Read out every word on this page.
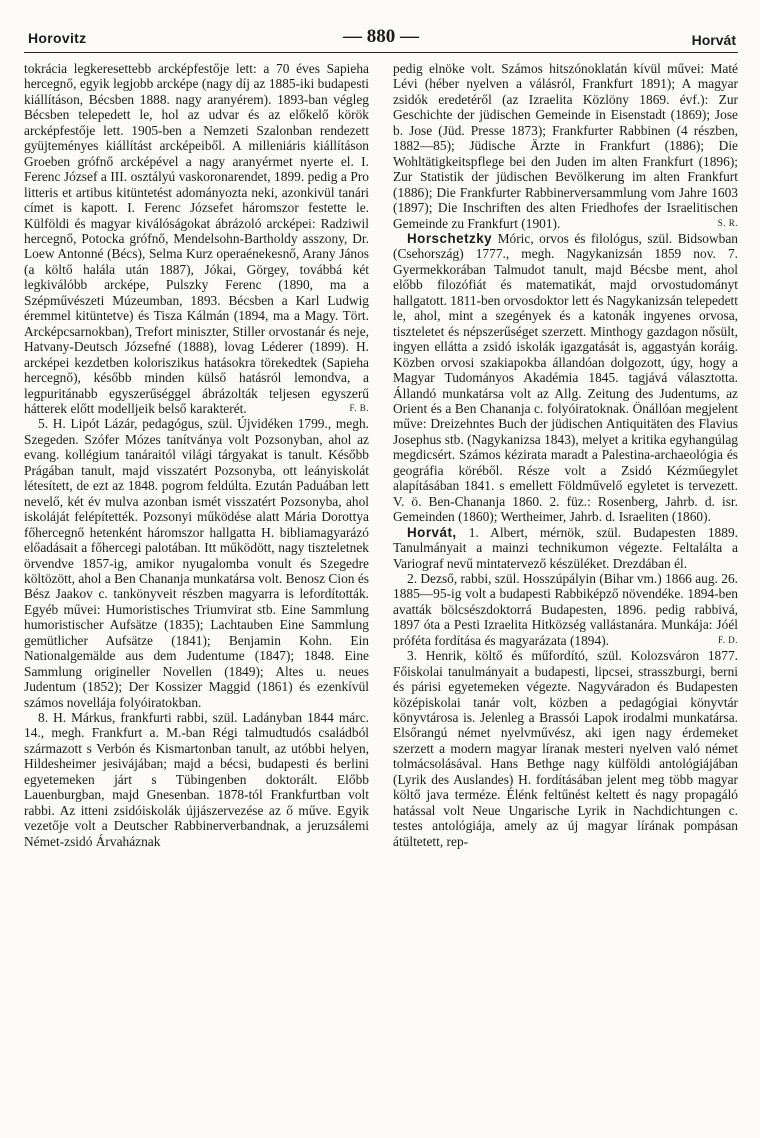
Horovitz	— 880 —	Horvát

tokrácia legkeresettebb arcképfestője lett: a 70 éves Sapieha hercegnő, egyik legjobb arcképe (nagy díj az 1885-iki budapesti kiállításon, Bécsben 1888. nagy aranyérem). 1893-ban végleg Bécsben telepedett le, hol az udvar és az előkelő körök arcképfestője lett. 1905-ben a Nemzeti Szalonban rendezett gyüjteményes kiállítást arcképeiből. A milleniáris kiállításon Groeben grófnő arcképével a nagy aranyérmet nyerte el. I. Ferenc József a III. osztályú vaskoronarendet, 1899. pedig a Pro litteris et artibus kitüntetést adományozta neki, azonkivül tanári címet is kapott. I. Ferenc Józsefet háromszor festette le. Külföldi és magyar kiválóságokat ábrázoló arcképei: Radziwil hercegnő, Potocka grófnő, Mendelsohn-Bartholdy asszony, Dr. Loew Antonné (Bécs), Selma Kurz operaénekesnő, Arany János (a költő halála után 1887), Jókai, Görgey, továbbá két legkiválóbb arcképe, Pulszky Ferenc (1890, ma a Szépművészeti Múzeumban, 1893. Bécsben a Karl Ludwig éremmel kitüntetve) és Tisza Kálmán (1894, ma a Magy. Tört. Arcképcsarnokban), Trefort miniszter, Stiller orvostanár és neje, Hatvany-Deutsch Józsefné (1888), lovag Léderer (1899). H. arcképei kezdetben koloriszikus hatásokra törekedtek (Sapieha hercegnő), később minden külső hatásról lemondva, a legpuritánabb egyszerűséggel ábrázolták teljesen egyszerű hátterek előtt modelljeik belső karakterét.	F. B.

5. H. Lipót Lázár, pedagógus, szül. Újvidéken 1799., megh. Szegeden. Szófer Mózes tanítványa volt Pozsonyban, ahol az evang. kollégium tanáraitól világi tárgyakat is tanult. Később Prágában tanult, majd visszatért Pozsonyba, ott leányiskolát létesített, de ezt az 1848. pogrom feldúlta. Ezután Paduában lett nevelő, két év mulva azonban ismét visszatért Pozsonyba, ahol iskoláját felépítették. Pozsonyi működése alatt Mária Dorottya főhercegnő hetenként háromszor hallgatta H. bibliamagyarázó előadásait a főhercegi palotában. Itt működött, nagy tiszteletnek örvendve 1857-ig, amikor nyugalomba vonult és Szegedre költözött, ahol a Ben Chananja munkatársa volt. Benosz Cion és Bész Jaakov c. tankönyveit részben magyarra is lefordították. Egyéb művei: Humoristisches Triumvirat stb. Eine Sammlung humoristischer Aufsätze (1835); Lachtauben Eine Sammlung gemütlicher Aufsätze (1841); Benjamin Kohn. Ein Nationalgemälde aus dem Judentume (1847); 1848. Eine Sammlung origineller Novellen (1849); Altes u. neues Judentum (1852); Der Kossizer Maggid (1861) és ezenkívül számos novellája folyóiratokban.

8. H. Márkus, frankfurti rabbi, szül. Ladányban 1844 márc. 14., megh. Frankfurt a. M.-ban Régi talmudtudós családból származott s Verbón és Kismartonban tanult, az utóbbi helyen, Hildesheimer jesivájában; majd a bécsi, budapesti és berlini egyetemeken járt s Tübingenben doktorált. Előbb Lauenburgban, majd Gnesenban. 1878-tól Frankfurtban volt rabbi. Az itteni zsidóiskolák újjászervezése az ő műve. Egyik vezetője volt a Deutscher Rabbinerverbandnak, a jeruzsálemi Német-zsidó Árvaháznak

pedig elnöke volt. Számos hitszónoklatán kívül művei: Maté Lévi (héber nyelven a válásról, Frankfurt 1891); A magyar zsidók eredetéről (az Izraelita Közlöny 1869. évf.): Zur Geschichte der jüdischen Gemeinde in Eisenstadt (1869); Jose b. Jose (Jüd. Presse 1873); Frankfurter Rabbinen (4 részben, 1882—85); Jüdische Ärzte in Frankfurt (1886); Die Wohltätigkeitspflege bei den Juden im alten Frankfurt (1896); Zur Statistik der jüdischen Bevölkerung im alten Frankfurt (1886); Die Frankfurter Rabbinerversammlung vom Jahre 1603 (1897); Die Inschriften des alten Friedhofes der Israelitischen Gemeinde zu Frankfurt (1901).	S. R.

Horschetzky Móric, orvos és filológus, szül. Bidsowban (Csehország) 1777., megh. Nagykanizsán 1859 nov. 7. Gyermekkorában Talmudot tanult, majd Bécsbe ment, ahol előbb filozófiát és matematikát, majd orvostudományt hallgatott. 1811-ben orvosdoktor lett és Nagykanizsán telepedett le, ahol, mint a szegények és a katonák ingyenes orvosa, tiszteletet és népszerűséget szerzett. Minthogy gazdagon nősült, ingyen ellátta a zsidó iskolák igazgatását is, aggastyán koráig. Közben orvosi szakiapokba állandóan dolgozott, úgy, hogy a Magyar Tudományos Akadémia 1845. tagjává választotta. Állandó munkatársa volt az Allg. Zeitung des Judentums, az Orient és a Ben Chananja c. folyóiratoknak. Önállóan megjelent műve: Dreizehntes Buch der jüdischen Antiquitäten des Flavius Josephus stb. (Nagykanizsa 1843), melyet a kritika egyhangúlag megdicsért. Számos kézirata maradt a Palestina-archaeológia és geográfia köréből. Része volt a Zsidó Kézműegylet alapításában 1841. s emellett Földművelő egyletet is tervezett. V. ö. Ben-Chananja 1860. 2. füz.: Rosenberg, Jahrb. d. isr. Gemeinden (1860); Wertheimer, Jahrb. d. Israeliten (1860).

Horvát, 1. Albert, mérnök, szül. Budapesten 1889. Tanulmányait a mainzi technikumon végezte. Feltalálta a Variograf nevű mintatervező készüléket. Drezdában él.

2. Dezső, rabbi, szül. Hosszúpályin (Bihar vm.) 1866 aug. 26. 1885—95-ig volt a budapesti Rabbiképző növendéke. 1894-ben avatták bölcsészdoktorrá Budapesten, 1896. pedig rabbivá, 1897 óta a Pesti Izraelita Hitközség vallástanára. Munkája: Jóél próféta fordítása és magyarázata (1894).	F. D.

3. Henrik, költő és műfordító, szül. Kolozsváron 1877. Főiskolai tanulmányait a budapesti, lipcsei, strasszburgi, berni és párisi egyetemeken végezte. Nagyváradon és Budapesten középiskolai tanár volt, közben a pedagógiai könyvtár könyvtárosa is. Jelenleg a Brassói Lapok irodalmi munkatársa. Elsőrangú német nyelvművész, aki igen nagy érdemeket szerzett a modern magyar líranak mesteri nyelven való német tolmácsolásával. Hans Bethge nagy külföldi antológiájában (Lyrik des Auslandes) H. fordításában jelent meg több magyar költő java terméze. Élénk feltűnést keltett és nagy propagáló hatással volt Neue Ungarische Lyrik in Nachdichtungen c. testes antológiája, amely az új magyar lírának pompásan átültetett, rep-
